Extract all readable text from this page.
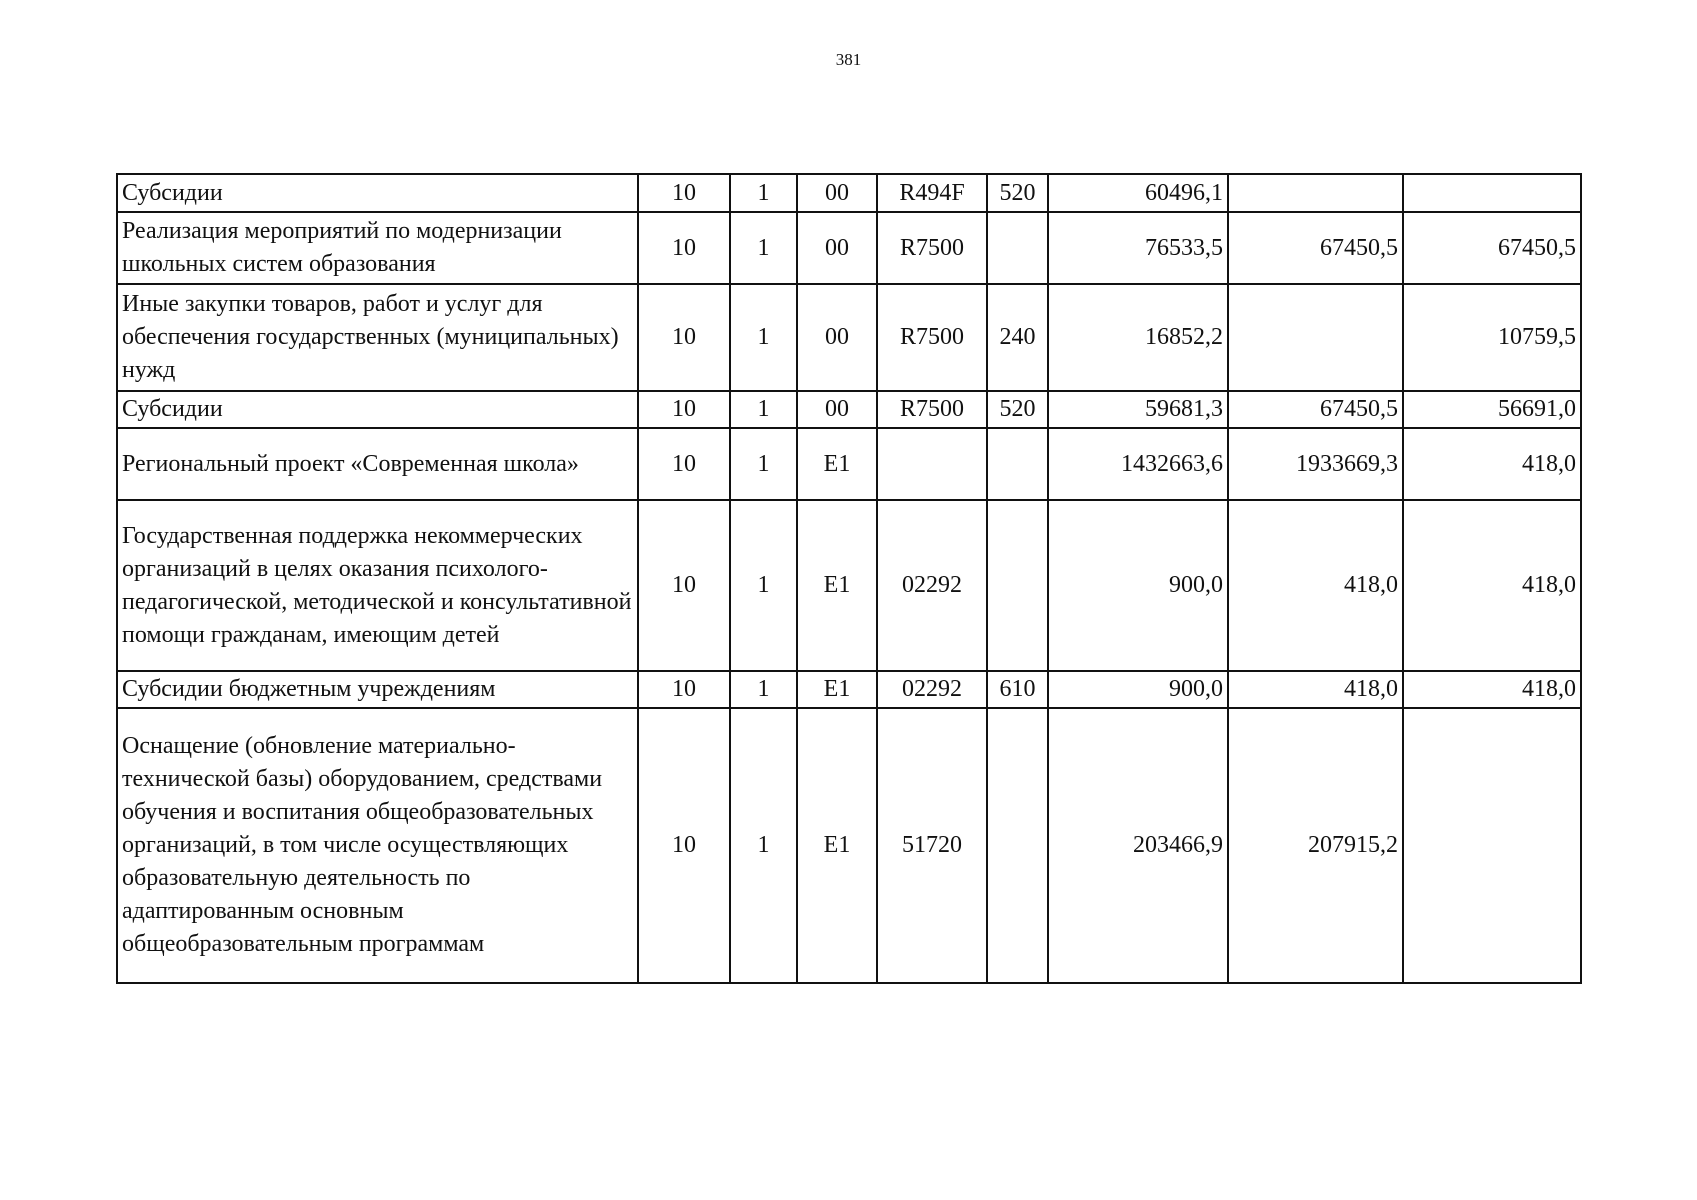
381
Субсидии	10	1	00	R494F	520	60496,1		
Реализация мероприятий по модернизации школьных систем образования	10	1	00	R7500		76533,5	67450,5	67450,5
Иные закупки товаров, работ и услуг для обеспечения государственных (муниципальных) нужд	10	1	00	R7500	240	16852,2		10759,5
Субсидии	10	1	00	R7500	520	59681,3	67450,5	56691,0
Региональный проект «Современная школа»	10	1	E1			1432663,6	1933669,3	418,0
Государственная поддержка некоммерческих организаций в целях оказания психолого-педагогической, методической и консультативной помощи гражданам, имеющим детей	10	1	E1	02292		900,0	418,0	418,0
Субсидии бюджетным учреждениям	10	1	E1	02292	610	900,0	418,0	418,0
Оснащение (обновление материально-технической базы) оборудованием, средствами обучения и воспитания общеобразовательных организаций, в том числе осуществляющих образовательную деятельность по адаптированным основным общеобразовательным программам	10	1	E1	51720		203466,9	207915,2	
